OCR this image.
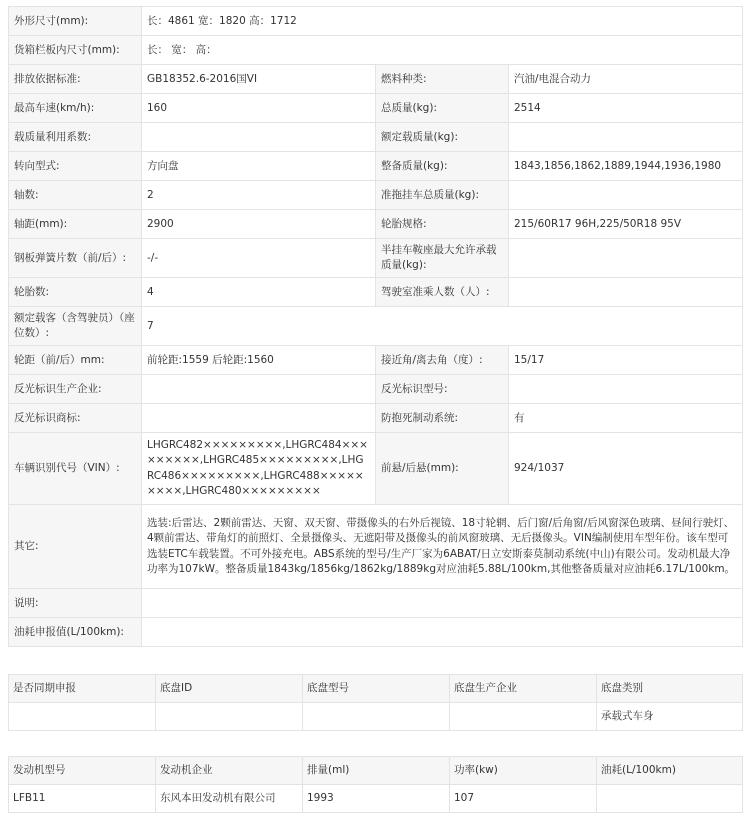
外形尺寸(mm):	长：4861 宽：1820 高：1712		
货箱栏板内尺寸(mm):	长： 宽： 高：		
排放依据标准:	GB18352.6-2016国VI	燃料种类:	汽油/电混合动力
最高车速(km/h):	160	总质量(kg):	2514
载质量利用系数:		额定载质量(kg):	
转向型式:	方向盘	整备质量(kg):	1843,1856,1862,1889,1944,1936,1980
轴数:	2	准拖挂车总质量(kg):	
轴距(mm):	2900	轮胎规格:	215/60R17 96H,225/50R18 95V
钢板弹簧片数（前/后）:	-/-	半挂车鞍座最大允许承载质量(kg):	
轮胎数:	4	驾驶室准乘人数（人）:	
额定载客（含驾驶员）（座位数）:	7		
轮距（前/后）mm:	前轮距:1559 后轮距:1560	接近角/离去角（度）:	15/17
反光标识生产企业:		反光标识型号:	
反光标识商标:		防抱死制动系统:	有
车辆识别代号（VIN）:	LHGRC482×××××××××,LHGRC484×××××××××,LHGRC485×××××××××,LHGRC486×××××××××,LHGRC488×××××××××,LHGRC480×××××××××	前悬/后悬(mm):	924/1037
其它:	选装:后雷达、2颗前雷达、天窗、双天窗、带摄像头的右外后视镜、18寸轮辋、后门窗/后角窗/后风窗深色玻璃、昼间行驶灯、4颗前雷达、带角灯的前照灯、全景摄像头、无遮阳带及摄像头的前风窗玻璃、无后摄像头。VIN编制使用车型年份。该车型可选装ETC车载装置。不可外接充电。ABS系统的型号/生产厂家为6ABAT/日立安斯泰莫制动系统(中山)有限公司。发动机最大净功率为107kW。整备质量1843kg/1856kg/1862kg/1889kg对应油耗5.88L/100km,其他整备质量对应油耗6.17L/100km。		
说明:			
油耗申报值(L/100km):			
是否同期申报	底盘ID	底盘型号	底盘生产企业	底盘类别
				承载式车身
发动机型号	发动机企业	排量(ml)	功率(kw)	油耗(L/100km)
LFB11	东风本田发动机有限公司	1993	107	
